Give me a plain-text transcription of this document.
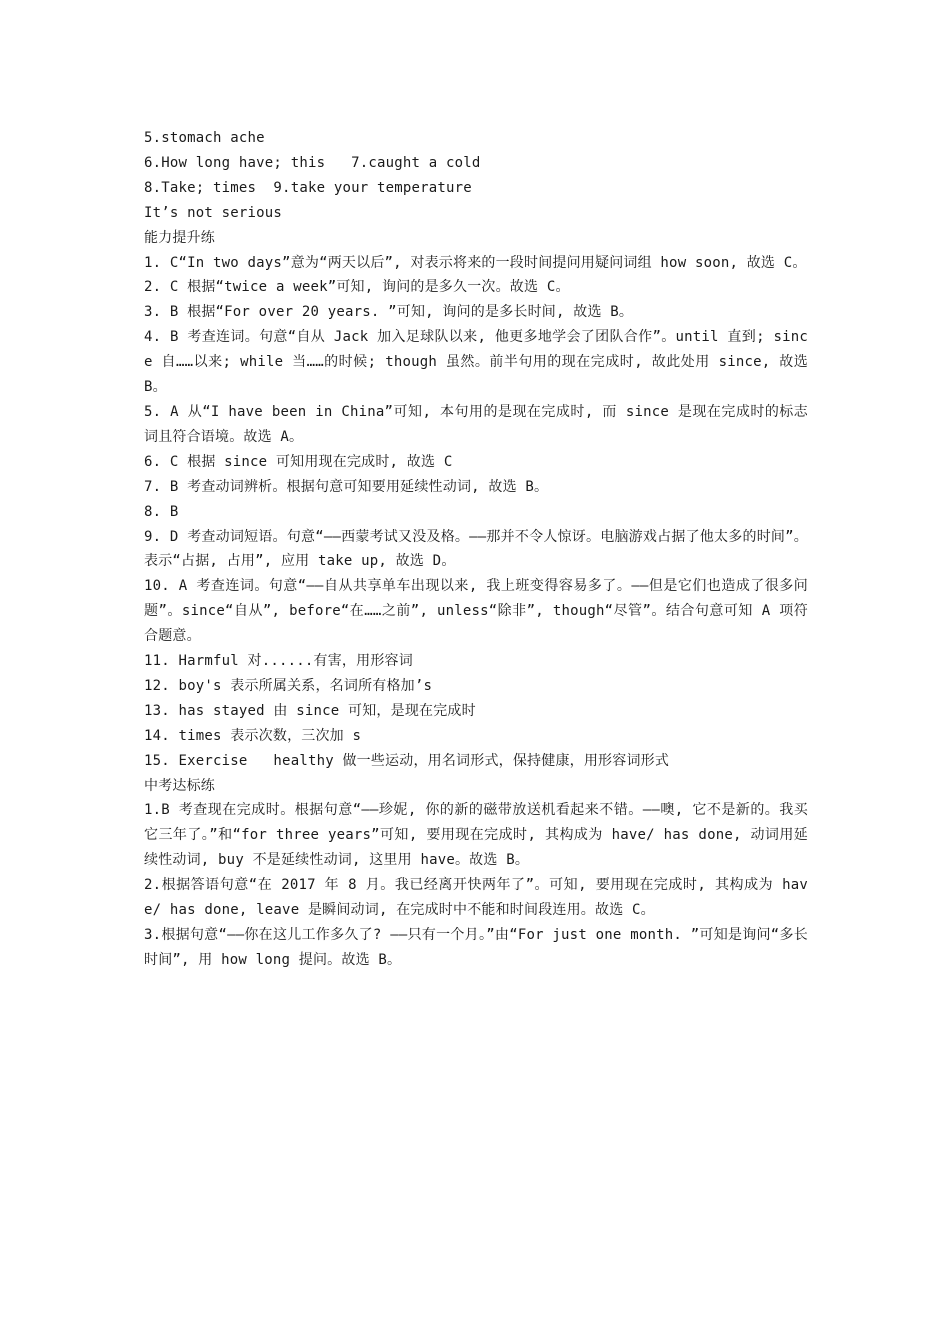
5.stomach ache

6.How long have; this   7.caught a cold

8.Take; times  9.take your temperature

It’s not serious

能力提升练

1. C“In two days”意为“两天以后”, 对表示将来的一段时间提问用疑问词组 how soon, 故选 C。

2. C 根据“twice a week”可知, 询问的是多久一次。故选 C。

3. B 根据“For over 20 years. ”可知, 询问的是多长时间, 故选 B。

4. B 考查连词。句意“自从 Jack 加入足球队以来, 他更多地学会了团队合作”。until 直到; since 自……以来; while 当……的时候; though 虽然。前半句用的现在完成时, 故此处用 since, 故选 B。

5. A 从“I have been in China”可知, 本句用的是现在完成时, 而 since 是现在完成时的标志词且符合语境。故选 A。

6. C 根据 since 可知用现在完成时, 故选 C

7. B 考查动词辨析。根据句意可知要用延续性动词, 故选 B。

8. B

9. D 考查动词短语。句意“——西蒙考试又没及格。——那并不令人惊讶。电脑游戏占据了他太多的时间”。表示“占据, 占用”, 应用 take up, 故选 D。

10. A 考查连词。句意“——自从共享单车出现以来, 我上班变得容易多了。——但是它们也造成了很多问题”。since“自从”, before“在……之前”, unless“除非”, though“尽管”。结合句意可知 A 项符合题意。

11. Harmful 对......有害，用形容词

12. boy's 表示所属关系，名词所有格加’s

13. has stayed 由 since 可知，是现在完成时

14. times 表示次数，三次加 s

15. Exercise   healthy 做一些运动，用名词形式，保持健康，用形容词形式

中考达标练

1.B 考查现在完成时。根据句意“——珍妮, 你的新的磁带放送机看起来不错。——噢, 它不是新的。我买它三年了。”和“for three years”可知, 要用现在完成时, 其构成为 have/ has done, 动词用延续性动词, buy 不是延续性动词, 这里用 have。故选 B。

2.根据答语句意“在 2017 年 8 月。我已经离开快两年了”。可知, 要用现在完成时, 其构成为 have/ has done, leave 是瞬间动词, 在完成时中不能和时间段连用。故选 C。

3.根据句意“——你在这儿工作多久了? ——只有一个月。”由“For just one month. ”可知是询问“多长时间”, 用 how long 提问。故选 B。
